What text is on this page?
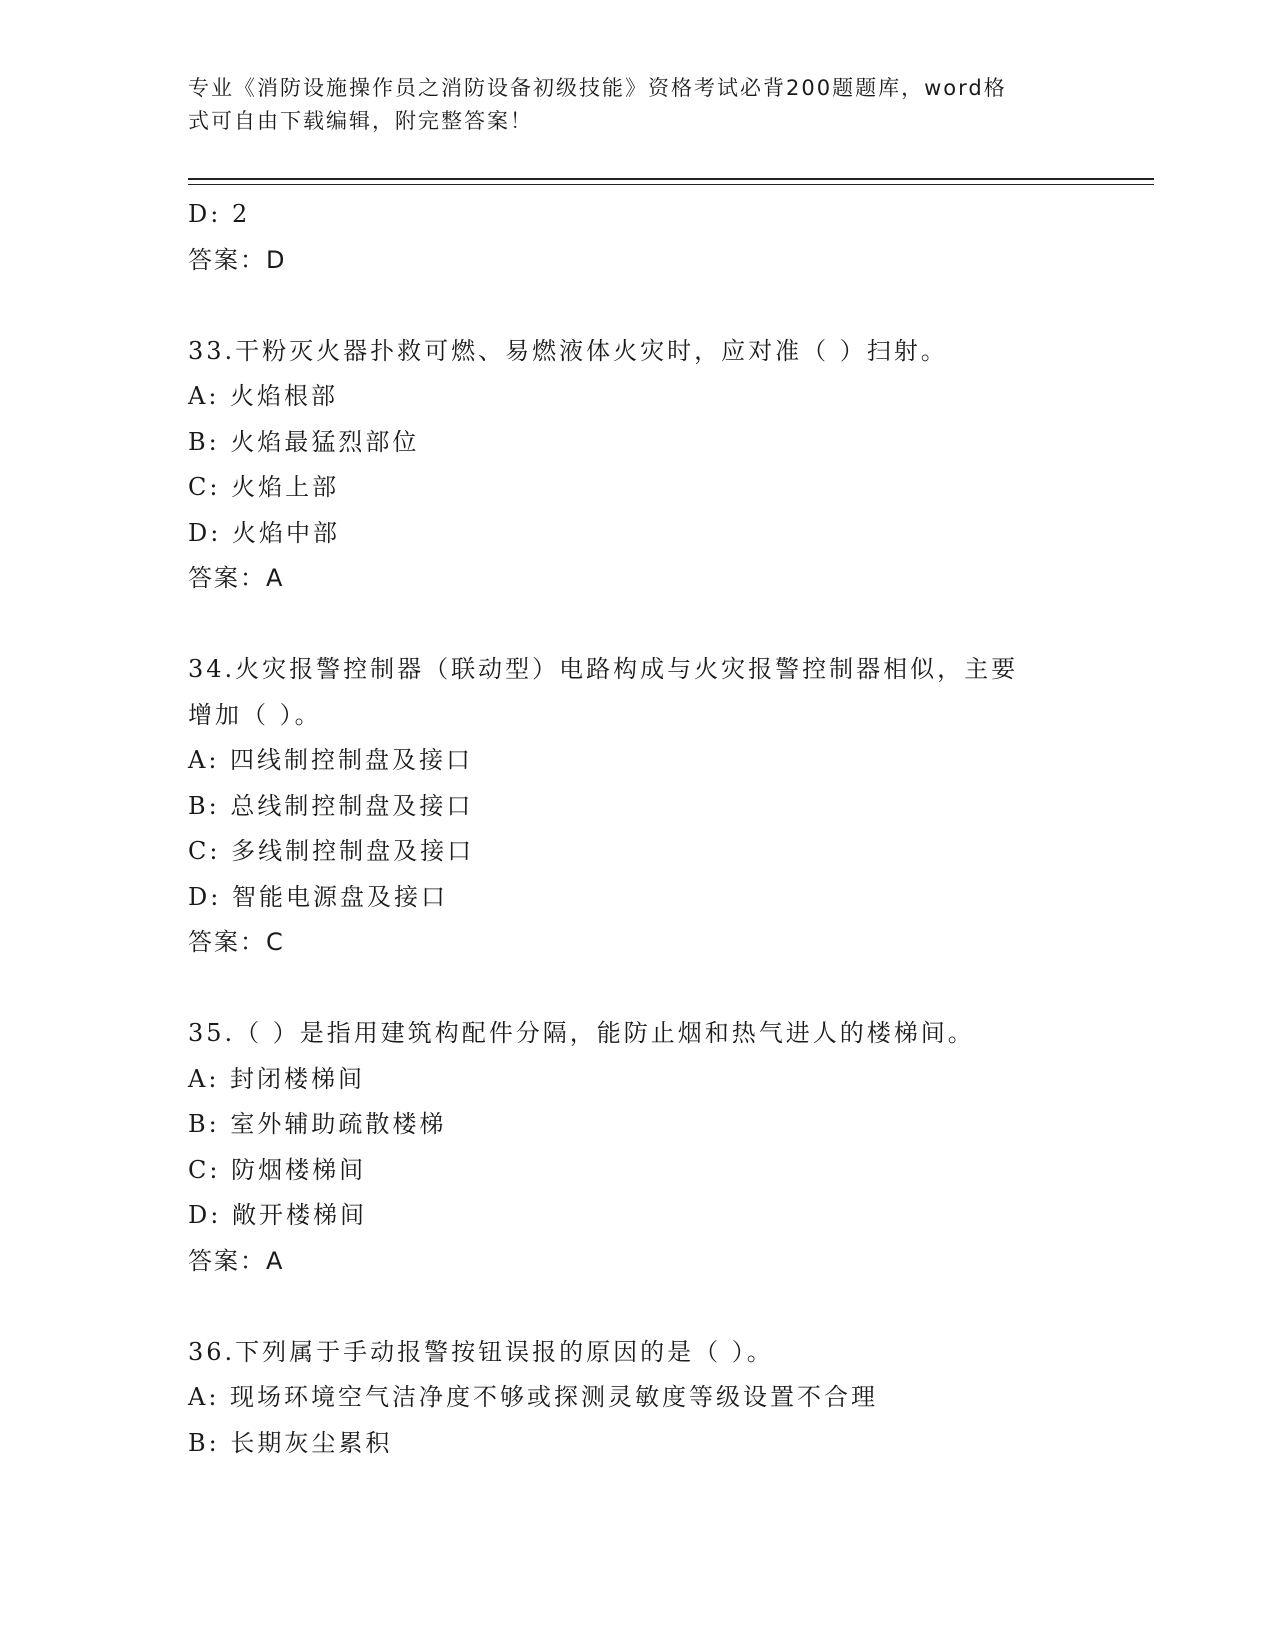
专业《消防设施操作员之消防设备初级技能》资格考试必背200题题库，word格
式可自由下载编辑，附完整答案！
D: 2
答案：D
33.干粉灭火器扑救可燃、易燃液体火灾时，应对准（ ）扫射。
A: 火焰根部
B: 火焰最猛烈部位
C: 火焰上部
D: 火焰中部
答案：A
34.火灾报警控制器（联动型）电路构成与火灾报警控制器相似，主要
增加（ ）。
A: 四线制控制盘及接口
B: 总线制控制盘及接口
C: 多线制控制盘及接口
D: 智能电源盘及接口
答案：C
35.（ ）是指用建筑构配件分隔，能防止烟和热气进人的楼梯间。
A: 封闭楼梯间
B: 室外辅助疏散楼梯
C: 防烟楼梯间
D: 敞开楼梯间
答案：A
36.下列属于手动报警按钮误报的原因的是（ ）。
A: 现场环境空气洁净度不够或探测灵敏度等级设置不合理
B: 长期灰尘累积
